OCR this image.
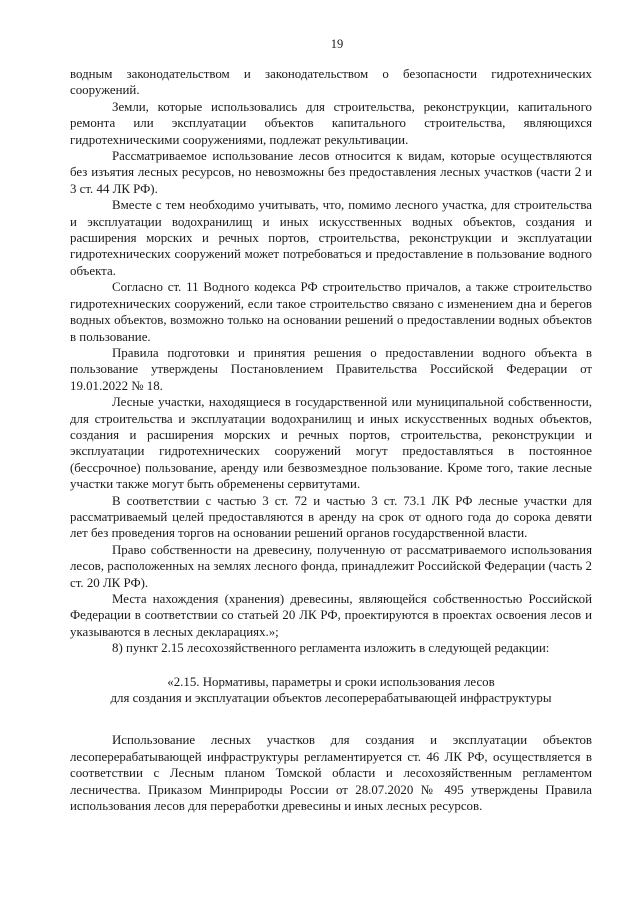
19

водным законодательством и законодательством о безопасности гидротехнических сооружений.

Земли, которые использовались для строительства, реконструкции, капитального ремонта или эксплуатации объектов капитального строительства, являющихся гидротехническими сооружениями, подлежат рекультивации.

Рассматриваемое использование лесов относится к видам, которые осуществляются без изъятия лесных ресурсов, но невозможны без предоставления лесных участков (части 2 и 3 ст. 44 ЛК РФ).

Вместе с тем необходимо учитывать, что, помимо лесного участка, для строительства и эксплуатации водохранилищ и иных искусственных водных объектов, создания и расширения морских и речных портов, строительства, реконструкции и эксплуатации гидротехнических сооружений может потребоваться и предоставление в пользование водного объекта.

Согласно ст. 11 Водного кодекса РФ строительство причалов, а также строительство гидротехнических сооружений, если такое строительство связано с изменением дна и берегов водных объектов, возможно только на основании решений о предоставлении водных объектов в пользование.

Правила подготовки и принятия решения о предоставлении водного объекта в пользование утверждены Постановлением Правительства Российской Федерации от 19.01.2022 № 18.

Лесные участки, находящиеся в государственной или муниципальной собственности, для строительства и эксплуатации водохранилищ и иных искусственных водных объектов, создания и расширения морских и речных портов, строительства, реконструкции и эксплуатации гидротехнических сооружений могут предоставляться в постоянное (бессрочное) пользование, аренду или безвозмездное пользование. Кроме того, такие лесные участки также могут быть обременены сервитутами.

В соответствии с частью 3 ст. 72 и частью 3 ст. 73.1 ЛК РФ лесные участки для рассматриваемый целей предоставляются в аренду на срок от одного года до сорока девяти лет без проведения торгов на основании решений органов государственной власти.

Право собственности на древесину, полученную от рассматриваемого использования лесов, расположенных на землях лесного фонда, принадлежит Российской Федерации (часть 2 ст. 20 ЛК РФ).

Места нахождения (хранения) древесины, являющейся собственностью Российской Федерации в соответствии со статьей 20 ЛК РФ, проектируются в проектах освоения лесов и указываются в лесных декларациях.»;

8) пункт 2.15 лесохозяйственного регламента изложить в следующей редакции:

«2.15. Нормативы, параметры и сроки использования лесов
для создания и эксплуатации объектов лесоперерабатывающей инфраструктуры

Использование лесных участков для создания и эксплуатации объектов лесоперерабатывающей инфраструктуры регламентируется ст. 46 ЛК РФ, осуществляется в соответствии с Лесным планом Томской области и лесохозяйственным регламентом лесничества. Приказом Минприроды России от 28.07.2020 № 495 утверждены Правила использования лесов для переработки древесины и иных лесных ресурсов.
